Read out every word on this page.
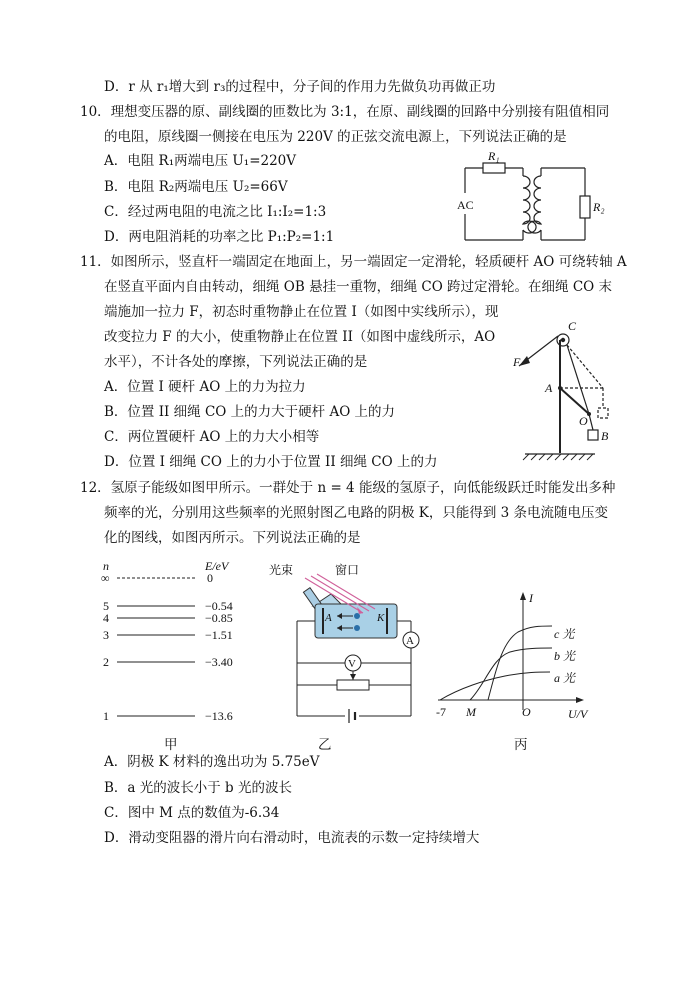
D．r 从 r₁增大到 r₃的过程中，分子间的作用力先做负功再做正功
10．理想变压器的原、副线圈的匝数比为 3:1，在原、副线圈的回路中分别接有阻值相同
的电阻，原线圈一侧接在电压为 220V 的正弦交流电源上，下列说法正确的是
A．电阻 R₁两端电压 U₁=220V
B．电阻 R₂两端电压 U₂=66V
C．经过两电阻的电流之比 I₁:I₂=1:3
D．两电阻消耗的功率之比 P₁:P₂=1:1
AC
R₁
R₂
11．如图所示，竖直杆一端固定在地面上，另一端固定一定滑轮，轻质硬杆 AO 可绕转轴 A
在竖直平面内自由转动，细绳 OB 悬挂一重物，细绳 CO 跨过定滑轮。在细绳 CO 末
端施加一拉力 F，初态时重物静止在位置 I（如图中实线所示），现
改变拉力 F 的大小，使重物静止在位置 II（如图中虚线所示，AO
水平），不计各处的摩擦，下列说法正确的是
A．位置 I 硬杆 AO 上的力为拉力
B．位置 II 细绳 CO 上的力大于硬杆 AO 上的力
C．两位置硬杆 AO 上的力大小相等
D．位置 I 细绳 CO 上的力小于位置 II 细绳 CO 上的力
C
F
A
O
B
12．氢原子能级如图甲所示。一群处于 n = 4 能级的氢原子，向低能级跃迁时能发出多种
频率的光，分别用这些频率的光照射图乙电路的阴极 K，只能得到 3 条电流随电压变
化的图线，如图丙所示。下列说法正确的是
n	E/eV
∞	0
5	−0.54
4	−0.85
3	−1.51
2	−3.40
1	−13.6
光束	窗口
A	K
A
V
I
U/V
-7 M	O
c 光
b 光
a 光
甲	乙	丙
A．阴极 K 材料的逸出功为 5.75eV
B．a 光的波长小于 b 光的波长
C．图中 M 点的数值为-6.34
D．滑动变阻器的滑片向右滑动时，电流表的示数一定持续增大
